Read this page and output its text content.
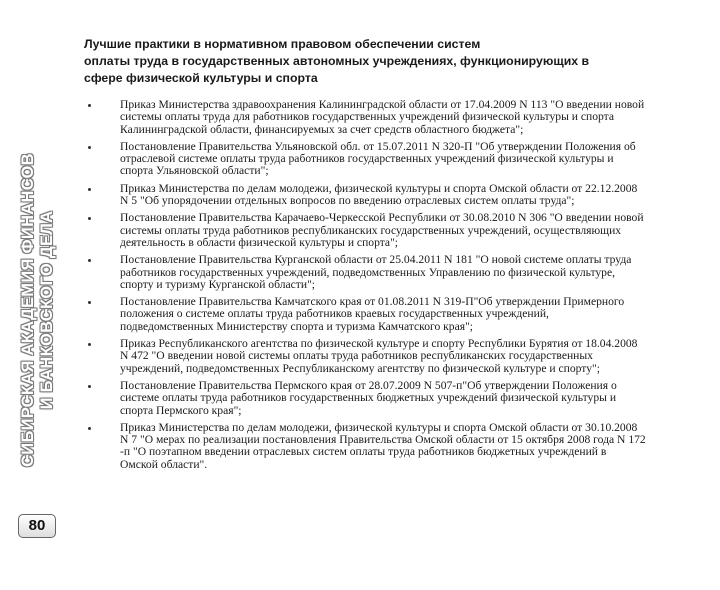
СИБИРСКАЯ АКАДЕМИЯ ФИНАНСОВ И БАНКОВСКОГО ДЕЛА
80
Лучшие практики в нормативном правовом обеспечении систем
оплаты труда в государственных автономных учреждениях, функционирующих в
сфере физической культуры и спорта
Приказ Министерства здравоохранения Калининградской области от 17.04.2009 N 113 "О введении новой
системы оплаты труда для работников государственных учреждений физической культуры и спорта
Калининградской области, финансируемых за счет средств областного бюджета";
Постановление Правительства Ульяновской обл. от 15.07.2011 N 320-П "Об утверждении Положения об
отраслевой системе оплаты труда работников государственных учреждений физической культуры и
спорта Ульяновской области";
Приказ Министерства по делам молодежи, физической культуры и спорта Омской области от 22.12.2008
N 5 "Об упорядочении отдельных вопросов по введению отраслевых систем оплаты труда";
Постановление Правительства Карачаево-Черкесской Республики от 30.08.2010 N 306 "О введении новой
системы оплаты труда работников республиканских государственных учреждений, осуществляющих
деятельность в области физической культуры и спорта";
Постановление Правительства Курганской области от 25.04.2011 N 181 "О новой системе оплаты труда
работников государственных учреждений, подведомственных Управлению по физической культуре,
спорту и туризму Курганской области";
Постановление Правительства Камчатского края от 01.08.2011 N 319-П"Об утверждении Примерного
положения о системе оплаты труда работников краевых государственных учреждений,
подведомственных Министерству спорта и туризма Камчатского края";
Приказ Республиканского агентства по физической культуре и спорту Республики Бурятия от 18.04.2008
N 472 "О введении новой системы оплаты труда работников республиканских государственных
учреждений, подведомственных Республиканскому агентству по физической культуре и спорту";
Постановление Правительства Пермского края от 28.07.2009 N 507-п"Об утверждении Положения о
системе оплаты труда работников государственных бюджетных учреждений физической культуры и
спорта Пермского края";
Приказ Министерства по делам молодежи, физической культуры и спорта Омской области от 30.10.2008
N 7 "О мерах по реализации постановления Правительства Омской области от 15 октября 2008 года N 172
-п "О поэтапном введении отраслевых систем оплаты труда работников бюджетных учреждений в
Омской области".
